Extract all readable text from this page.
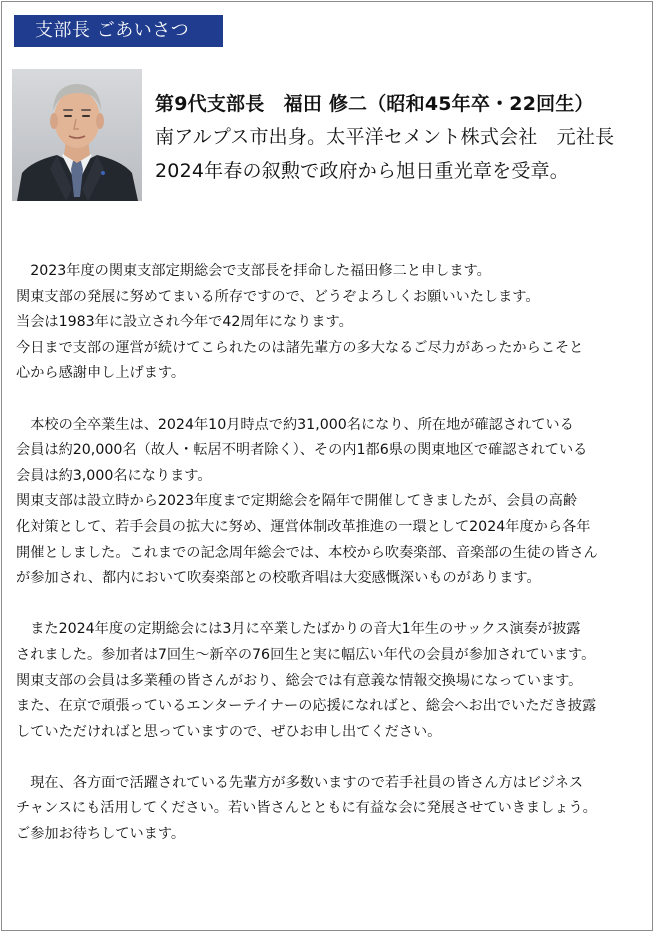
支部長 ごあいさつ
第9代支部長　福田 修二（昭和45年卒・22回生）
南アルプス市出身。太平洋セメント株式会社　元社長
2024年春の叙勲で政府から旭日重光章を受章。
　2023年度の関東支部定期総会で支部長を拝命した福田修二と申します。
関東支部の発展に努めてまいる所存ですので、どうぞよろしくお願いいたします。
当会は1983年に設立され今年で42周年になります。
今日まで支部の運営が続けてこられたのは諸先輩方の多大なるご尽力があったからこそと
心から感謝申し上げます。
　本校の全卒業生は、2024年10月時点で約31,000名になり、所在地が確認されている
会員は約20,000名（故人・転居不明者除く）、その内1都6県の関東地区で確認されている
会員は約3,000名になります。
関東支部は設立時から2023年度まで定期総会を隔年で開催してきましたが、会員の高齢
化対策として、若手会員の拡大に努め、運営体制改革推進の一環として2024年度から各年
開催としました。これまでの記念周年総会では、本校から吹奏楽部、音楽部の生徒の皆さん
が参加され、都内において吹奏楽部との校歌斉唱は大変感慨深いものがあります。
　また2024年度の定期総会には3月に卒業したばかりの音大1年生のサックス演奏が披露
されました。参加者は7回生～新卒の76回生と実に幅広い年代の会員が参加されています。
関東支部の会員は多業種の皆さんがおり、総会では有意義な情報交換場になっています。
また、在京で頑張っているエンターテイナーの応援になればと、総会へお出でいただき披露
していただければと思っていますので、ぜひお申し出てください。
　現在、各方面で活躍されている先輩方が多数いますので若手社員の皆さん方はビジネス
チャンスにも活用してください。若い皆さんとともに有益な会に発展させていきましょう。
ご参加お待ちしています。
